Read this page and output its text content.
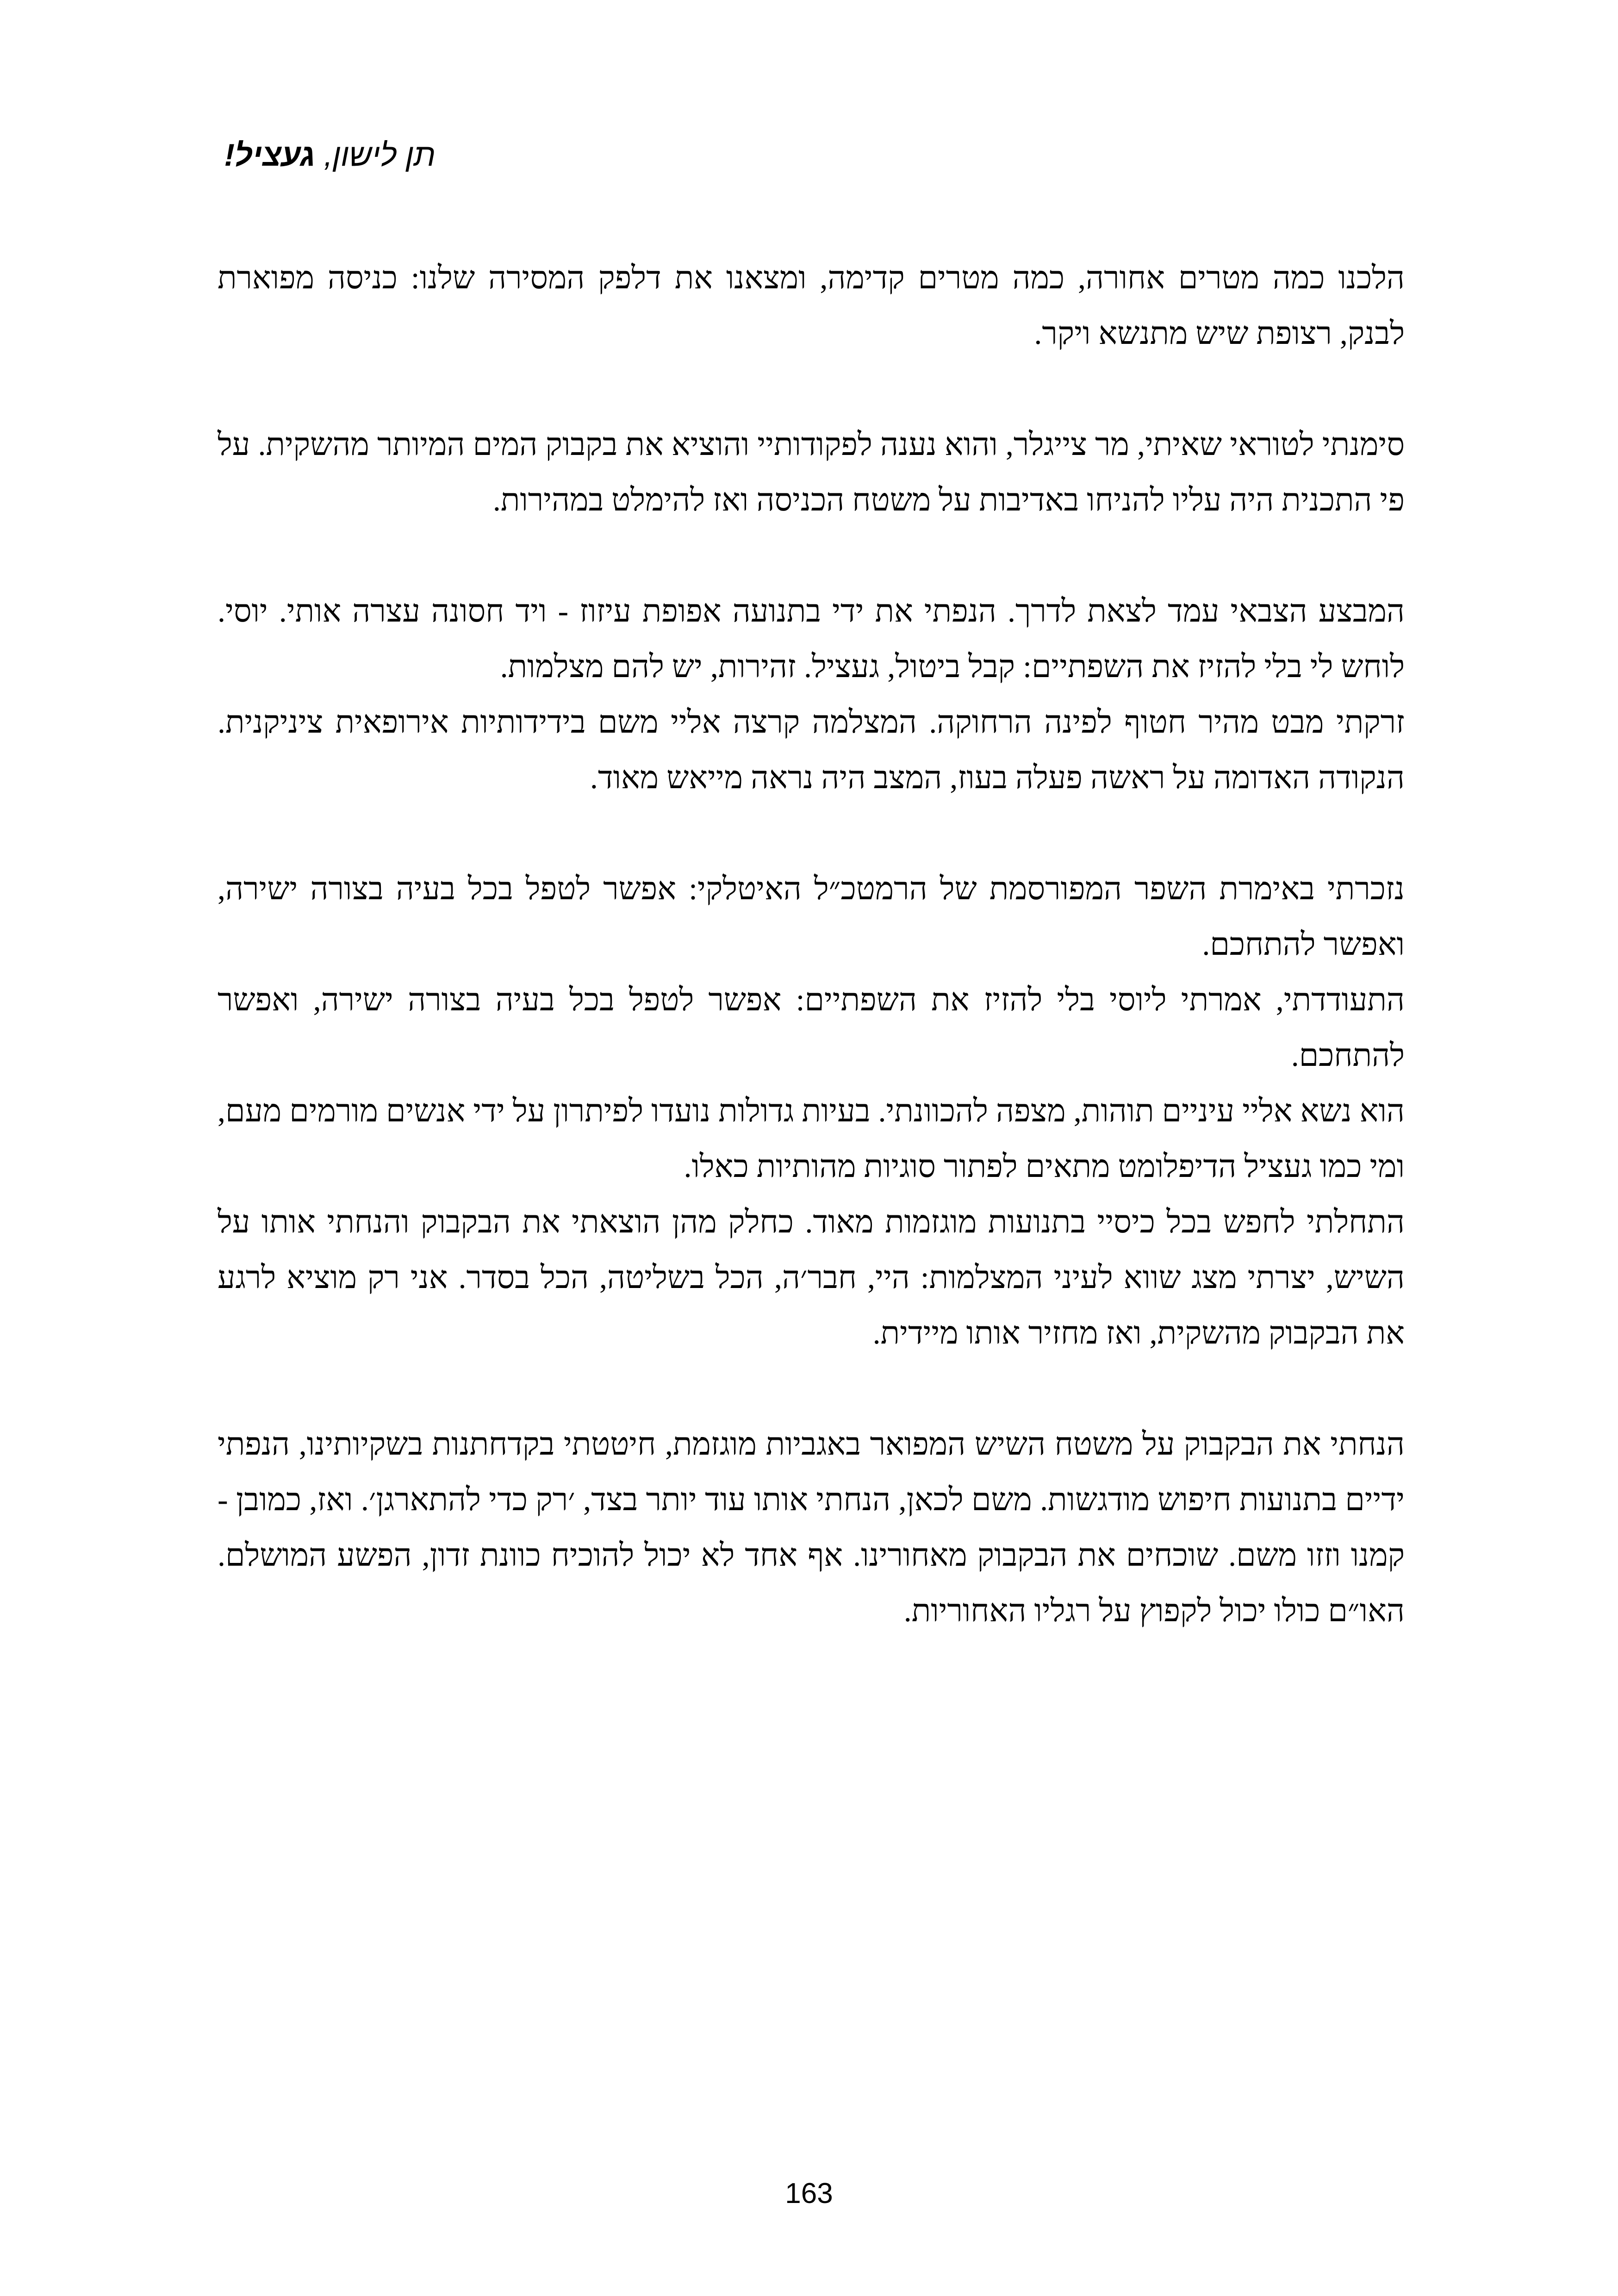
תן לישון, געציל!

הלכנו כמה מטרים אחורה, כמה מטרים קדימה, ומצאנו את דלפק המסירה שלנו: כניסה מפוארת לבנק, רצופת שיש מתנשא ויקר.

סימנתי לטוראי שאיתי, מר צייגלר, והוא נענה לפקודותיי והוציא את בקבוק המים המיותר מהשקית. על פי התכנית היה עליו להניחו באדיבות על משטח הכניסה ואז להימלט במהירות.

המבצע הצבאי עמד לצאת לדרך. הנפתי את ידי בתנועה אפופת עיזוז - ויד חסונה עצרה אותי. יוסי. לוחש לי בלי להזיז את השפתיים: קבל ביטול, געציל. זהירות, יש להם מצלמות.

זרקתי מבט מהיר חטוף לפינה הרחוקה. המצלמה קרצה אליי משם בידידותיות אירופאית ציניקנית. הנקודה האדומה על ראשה פעלה בעוז, המצב היה נראה מייאש מאוד.

נזכרתי באימרת השפר המפורסמת של הרמטכ״ל האיטלקי: אפשר לטפל בכל בעיה בצורה ישירה, ואפשר להתחכם.

התעודדתי, אמרתי ליוסי בלי להזיז את השפתיים: אפשר לטפל בכל בעיה בצורה ישירה, ואפשר להתחכם.

הוא נשא אליי עיניים תוהות, מצפה להכוונתי. בעיות גדולות נועדו לפיתרון על ידי אנשים מורמים מעם, ומי כמו געציל הדיפלומט מתאים לפתור סוגיות מהותיות כאלו.

התחלתי לחפש בכל כיסיי בתנועות מוגזמות מאוד. כחלק מהן הוצאתי את הבקבוק והנחתי אותו על השיש, יצרתי מצג שווא לעיני המצלמות: היי, חבר׳ה, הכל בשליטה, הכל בסדר. אני רק מוציא לרגע את הבקבוק מהשקית, ואז מחזיר אותו מיידית.

הנחתי את הבקבוק על משטח השיש המפואר באגביות מוגזמת, חיטטתי בקדחתנות בשקיותינו, הנפתי ידיים בתנועות חיפוש מודגשות. משם לכאן, הנחתי אותו עוד יותר בצד, ׳רק כדי להתארגן׳. ואז, כמובן - קמנו וזזו משם. שוכחים את הבקבוק מאחורינו. אף אחד לא יכול להוכיח כוונת זדון, הפשע המושלם. האו״ם כולו יכול לקפוץ על רגליו האחוריות.

163
